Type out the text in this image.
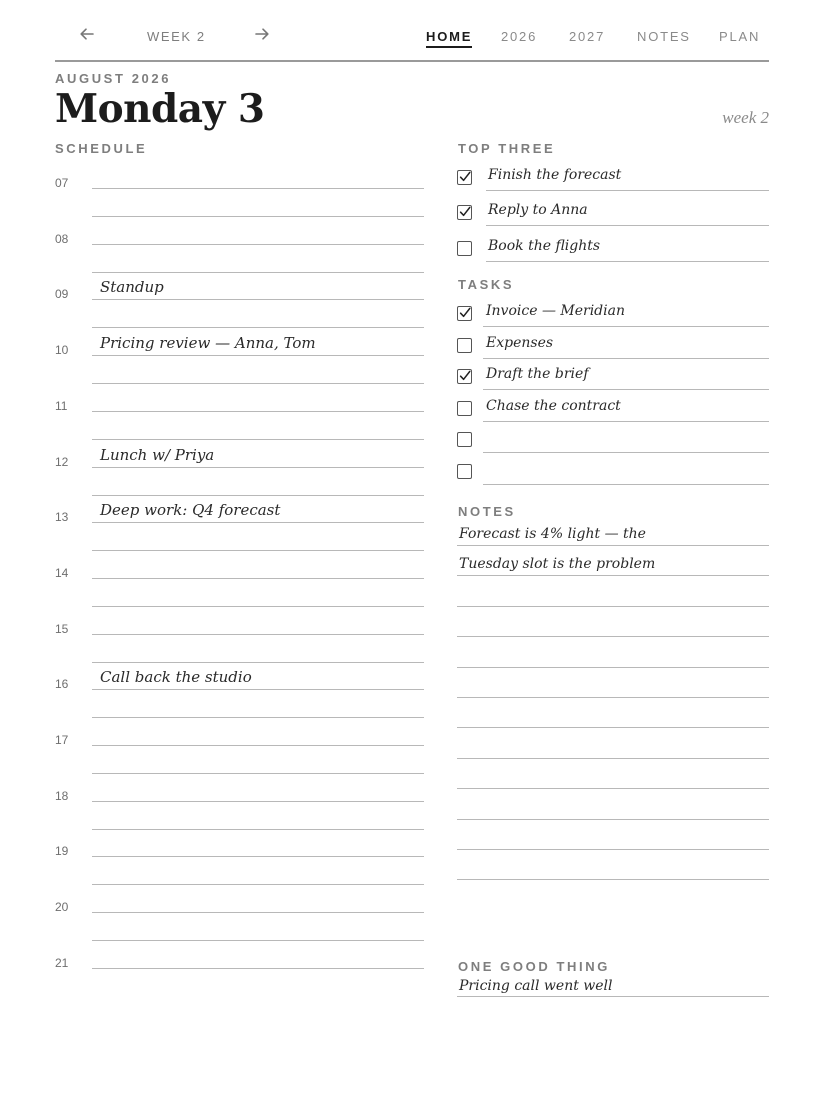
WEEK 2	HOME 2026 2027 NOTES PLAN
AUGUST 2026
Monday 3	week 2
SCHEDULE
07
08
09
10
11
12
13
14
15
16
17
18
19
20
21
Standup
Pricing review — Anna, Tom
Lunch w/ Priya
Deep work: Q4 forecast
Call back the studio
TOP THREE
Finish the forecast
Reply to Anna
Book the flights
TASKS
Invoice — Meridian
Expenses
Draft the brief
Chase the contract
NOTES
Forecast is 4% light — the
Tuesday slot is the problem
ONE GOOD THING
Pricing call went well
